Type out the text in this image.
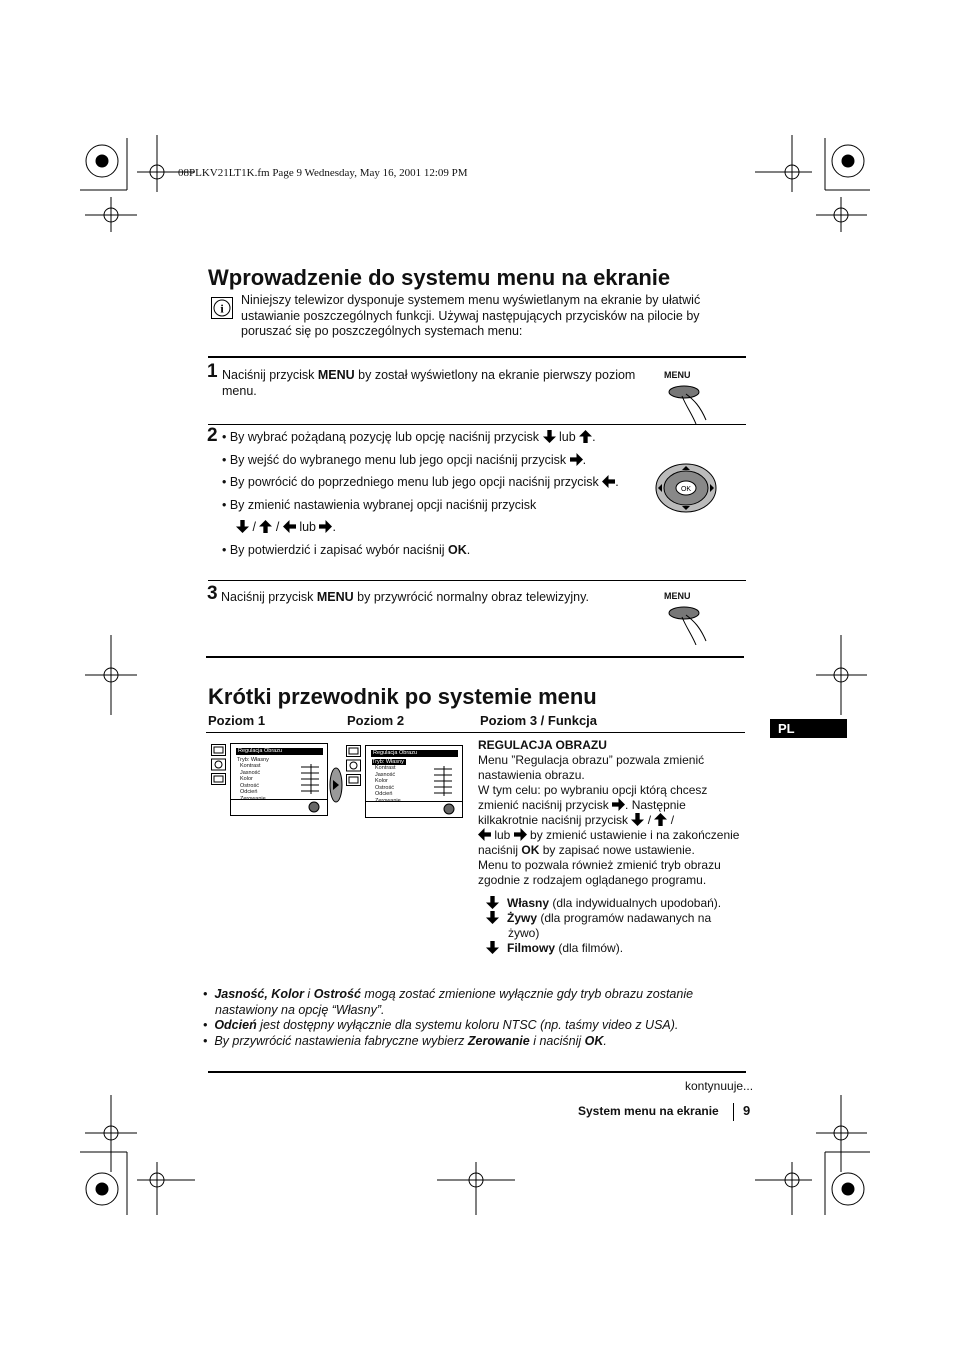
08PLKV21LT1K.fm Page 9 Wednesday, May 16, 2001 12:09 PM
Wprowadzenie do systemu menu na ekranie
i
Niniejszy telewizor dysponuje systemem menu wyświetlanym na ekranie by ułatwić ustawianie poszczególnych funkcji. Używaj następujących przycisków na pilocie by poruszać się po poszczególnych systemach menu:
1 Naciśnij przycisk MENU by został wyświetlony na ekranie pierwszy poziom menu.
MENU
2 • By wybrać pożądaną pozycję lub opcję naciśnij przycisk
lub
.
• By wejść do wybranego menu lub jego opcji naciśnij przycisk
.
• By powrócić do poprzedniego menu lub jego opcji naciśnij przycisk
.
• By zmienić nastawienia wybranej opcji naciśnij przycisk

/
/
lub
.
• By potwierdzić i zapisać wybór naciśnij OK.
OK
3 Naciśnij przycisk MENU by przywrócić normalny obraz telewizyjny.	MENU
Krótki przewodnik po systemie menu
Poziom 1	Poziom 2	Poziom 3 / Funkcja
PL
Regulacja Obrazu
Tryb: Własny
Kontrast
Jasność
Kolor
Ostrość
Odcień
Zerowanie
Regulacja Obrazu
Tryb: Własny
Kontrast
Jasność
Kolor
Ostrość
Odcień
Zerowanie
REGULACJA OBRAZU
Menu ”Regulacja obrazu” pozwala zmienić nastawienia obrazu.
W tym celu: po wybraniu opcji którą chcesz zmienić naciśnij przycisk
. Następnie kilkakrotnie naciśnij przycisk
/
/

lub
by zmienić ustawienie i na zakończenie naciśnij OK by zapisać nowe ustawienie.
Menu to pozwala również zmienić tryb obrazu zgodnie z rodzajem oglądanego programu.
Własny (dla indywidualnych upodobań).
Żywy (dla programów nadawanych na żywo)
Filmowy (dla filmów).
•  Jasność, Kolor i Ostrość mogą zostać zmienione wyłącznie gdy tryb obrazu zostanie nastawiony na opcję “Własny”.
•  Odcień jest dostępny wyłącznie dla systemu koloru NTSC (np. taśmy video z USA).
•  By przywrócić nastawienia fabryczne wybierz Zerowanie i naciśnij OK.
kontynuuje...
System menu na ekranie 9
